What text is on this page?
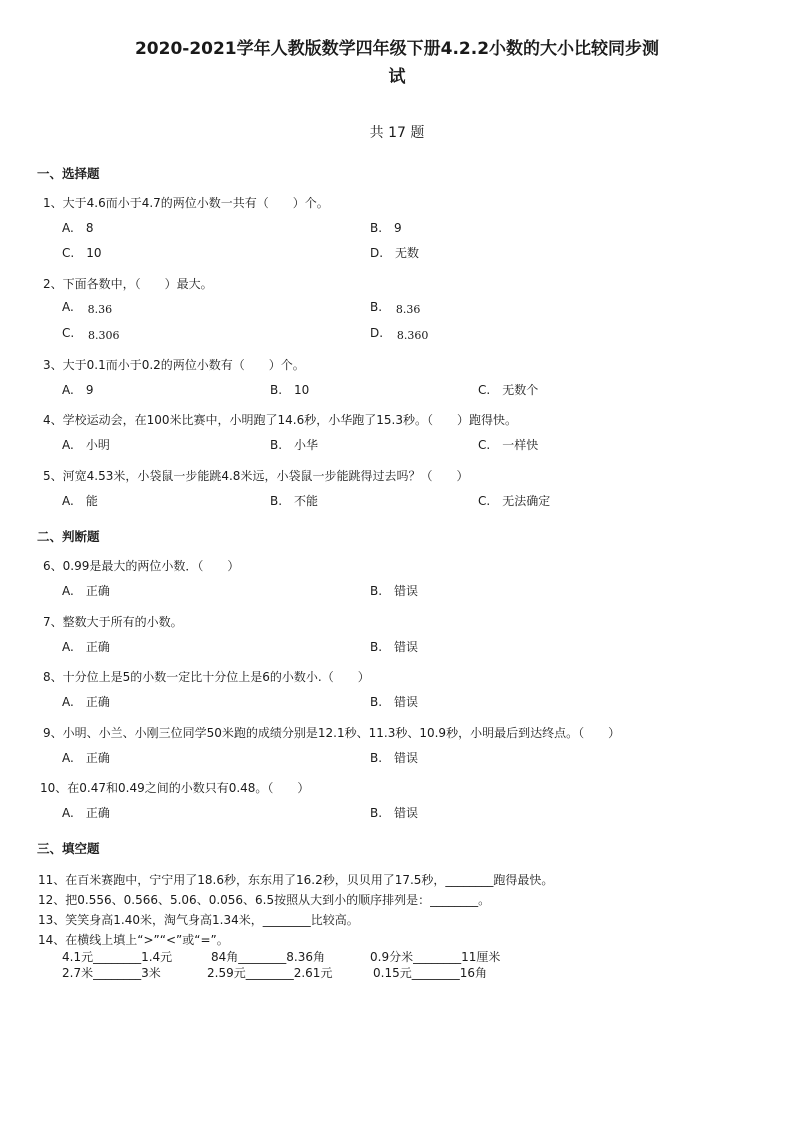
2020-2021学年人教版数学四年级下册4.2.2小数的大小比较同步测
试
共 17 题
一、选择题
1、大于4.6而小于4.7的两位小数一共有（　　）个。
A.　8	B.　9
C.　10	D.　无数
2、下面各数中，（　　）最大。
A. 8.36	B. 8.36
C. 8.306	D. 8.360
3、大于0.1而小于0.2的两位小数有（　　）个。
A.　9	B.　10	C.　无数个
4、学校运动会，在100米比赛中，小明跑了14.6秒，小华跑了15.3秒。（　　）跑得快。
A.　小明	B.　小华	C.　一样快
5、河宽4.53米，小袋鼠一步能跳4.8米远，小袋鼠一步能跳得过去吗？（　　）
A.　能	B.　不能	C.　无法确定
二、判断题
6、0.99是最大的两位小数．（　　）
A.　正确	B.　错误
7、整数大于所有的小数。
A.　正确	B.　错误
8、十分位上是5的小数一定比十分位上是6的小数小.（　　）
A.　正确	B.　错误
9、小明、小兰、小刚三位同学50米跑的成绩分别是12.1秒、11.3秒、10.9秒，小明最后到达终点。（　　）
A.　正确	B.　错误
10、在0.47和0.49之间的小数只有0.48。（　　）
A.　正确	B.　错误
三、填空题
11、在百米赛跑中，宁宁用了18.6秒，东东用了16.2秒，贝贝用了17.5秒，________跑得最快。
12、把0.556、0.566、5.06、0.056、6.5按照从大到小的顺序排列是：________。
13、笑笑身高1.40米，淘气身高1.34米，________比较高。
14、在横线上填上“>”“<”或“=”。
4.1元________1.4元	84角________8.36角	0.9分米________11厘米
2.7米________3米	2.59元________2.61元	0.15元________16角
